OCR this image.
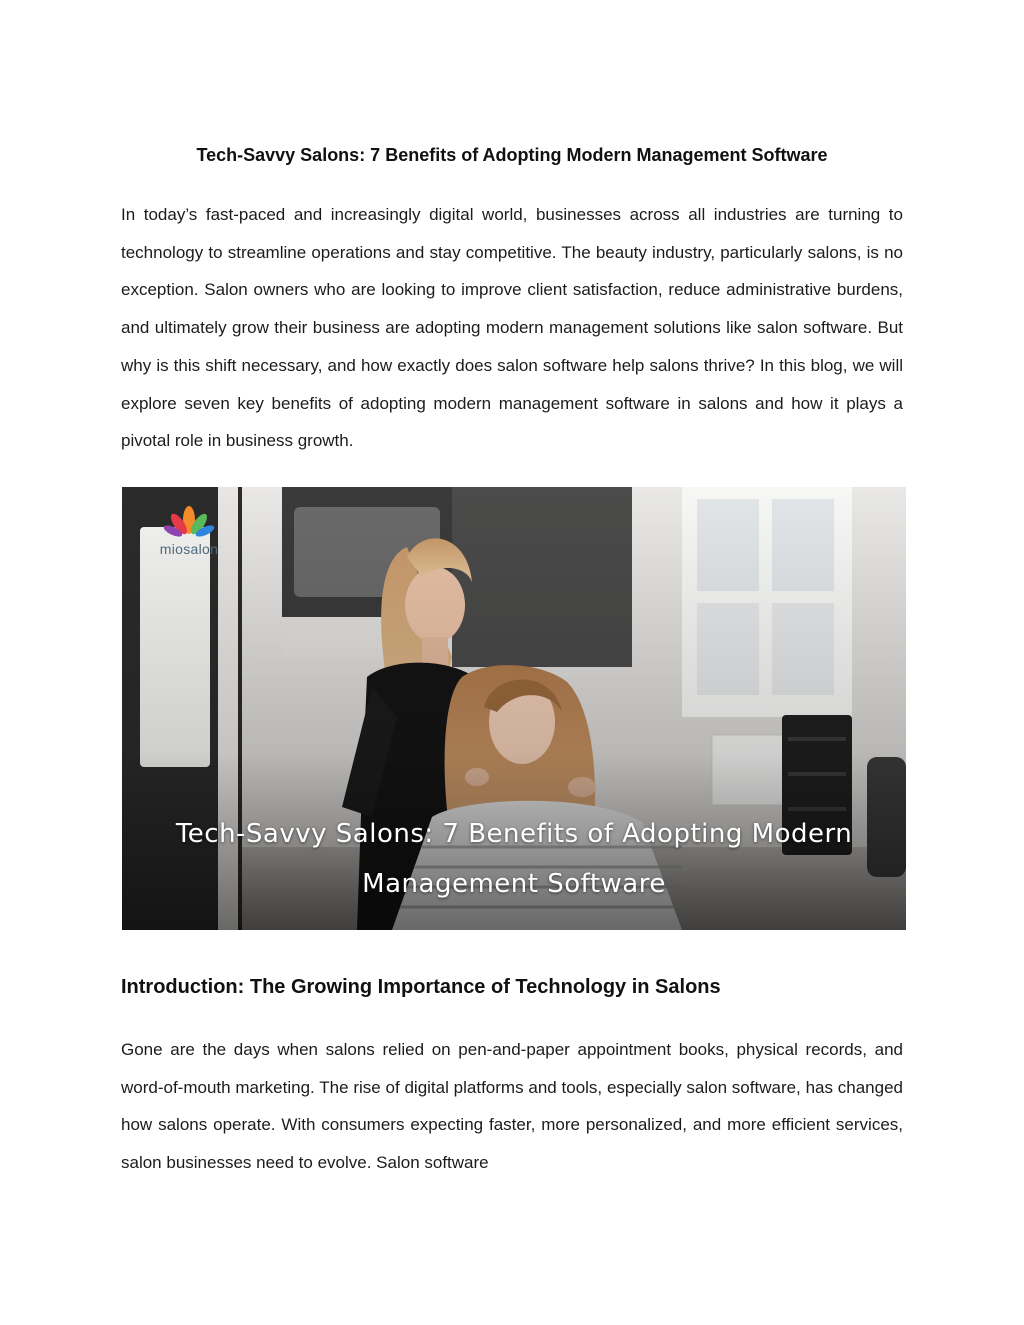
Tech-Savvy Salons: 7 Benefits of Adopting Modern Management Software

In today’s fast-paced and increasingly digital world, businesses across all industries are turning to technology to streamline operations and stay competitive. The beauty industry, particularly salons, is no exception. Salon owners who are looking to improve client satisfaction, reduce administrative burdens, and ultimately grow their business are adopting modern management solutions like salon software. But why is this shift necessary, and how exactly does salon software help salons thrive? In this blog, we will explore seven key benefits of adopting modern management software in salons and how it plays a pivotal role in business growth.

miosalon
Tech-Savvy Salons: 7 Benefits of Adopting Modern
Management Software
Introduction: The Growing Importance of Technology in Salons

Gone are the days when salons relied on pen-and-paper appointment books, physical records, and word-of-mouth marketing. The rise of digital platforms and tools, especially salon software, has changed how salons operate. With consumers expecting faster, more personalized, and more efficient services, salon businesses need to evolve. Salon software
